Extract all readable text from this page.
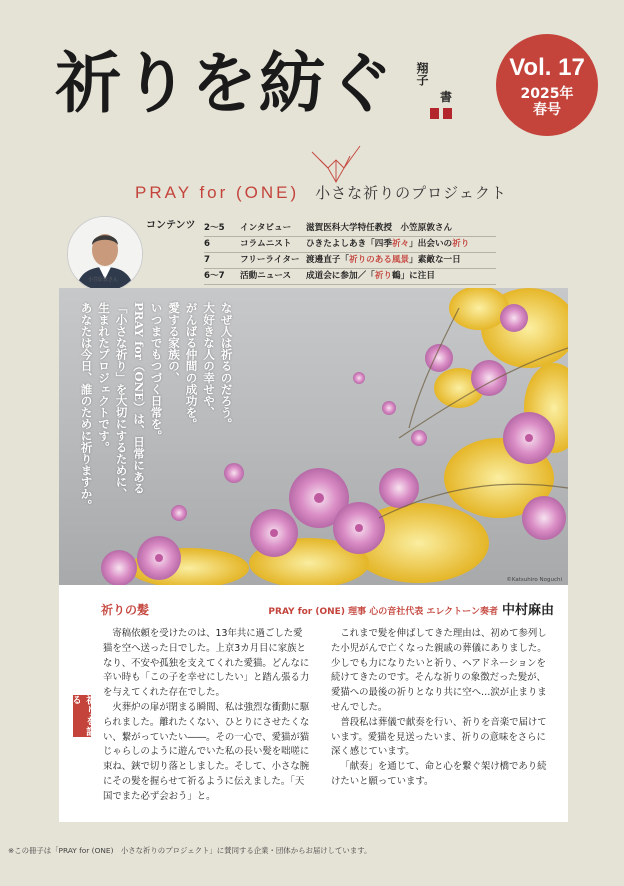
祈りを紡ぐ 翔子
書
Vol. 17
2025年
春号
PRAY for (ONE) 小さな祈りのプロジェクト
小笠原敦さん
コンテンツ 2～5	インタビュー	滋賀医科大学特任教授　小笠原敦さん
6	コラムニスト	ひきたよしあき「四季祈々」出会いの祈り
7	フリーライター 渡邊直子「祈りのある風景」素敵な一日
6～7	活動ニュース	成道会に参加／「祈り鶴」に注目

なぜ人は祈るのだろう。

大好きな人の幸せや、

がんばる仲間の成功を。

愛する家族の、

いつまでもつづく日常を。

PRAY for（ONE）は、日常にある

「小さな祈り」を大切にするために、

生まれたプロジェクトです。

あなたは今日、誰のために祈りますか。

©Katsuhiro Noguchi
祈りの髪	PRAY for (ONE) 理事 心の音社代表 エレクトーン奏者 中村麻由
祈りを語る

寄稿依頼を受けたのは、13年共に過ごした愛猫を空へ送った日でした。上京3カ月目に家族となり、不安や孤独を支えてくれた愛猫。どんなに辛い時も「この子を幸せにしたい」と踏ん張る力を与えてくれた存在でした。

火葬炉の扉が閉まる瞬間、私は強烈な衝動に駆られました。離れたくない、ひとりにさせたくない、繋がっていたい――。その一心で、愛猫が猫じゃらしのように遊んでいた私の長い髪を咄嗟に束ね、鋏で切り落としました。そして、小さな腕にその髪を握らせて祈るように伝えました。「天国でまた必ず会おう」と。

これまで髪を伸ばしてきた理由は、初めて参列した小児がんで亡くなった親戚の葬儀にありました。少しでも力になりたいと祈り、ヘアドネーションを続けてきたのです。そんな祈りの象徴だった髪が、愛猫への最後の祈りとなり共に空へ…涙が止まりませんでした。

普段私は葬儀で献奏を行い、祈りを音楽で届けています。愛猫を見送ったいま、祈りの意味をさらに深く感じています。

「献奏」を通じて、命と心を繋ぐ架け橋であり続けたいと願っています。

※この冊子は「PRAY for (ONE)　小さな祈りのプロジェクト」に賛同する企業・団体からお届けしています。
